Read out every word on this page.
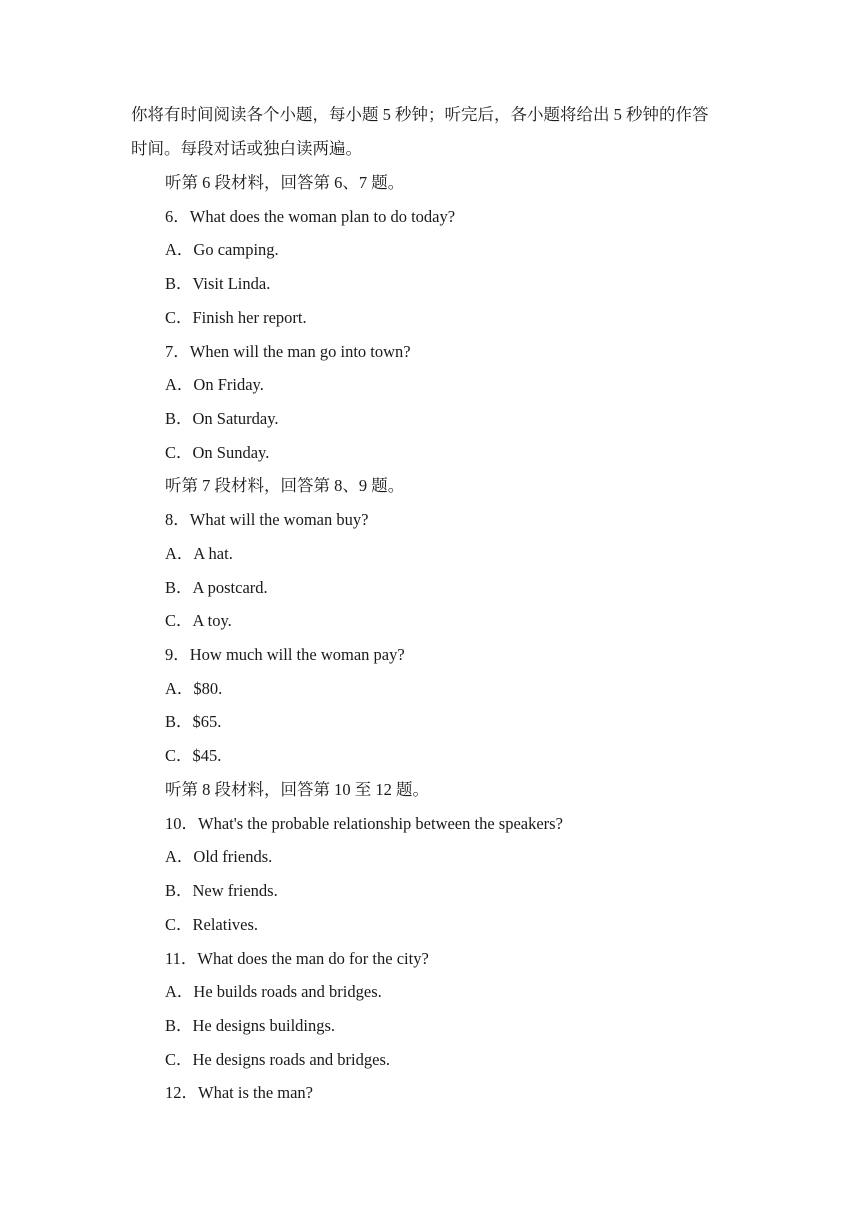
你将有时间阅读各个小题，每小题 5 秒钟；听完后，各小题将给出 5 秒钟的作答
时间。每段对话或独白读两遍。
听第 6 段材料，回答第 6、7 题。
6．What does the woman plan to do today?
A．Go camping.
B．Visit Linda.
C．Finish her report.
7．When will the man go into town?
A．On Friday.
B．On Saturday.
C．On Sunday.
听第 7 段材料，回答第 8、9 题。
8．What will the woman buy?
A．A hat.
B．A postcard.
C．A toy.
9．How much will the woman pay?
A．$80.
B．$65.
C．$45.
听第 8 段材料，回答第 10 至 12 题。
10．What's the probable relationship between the speakers?
A．Old friends.
B．New friends.
C．Relatives.
11．What does the man do for the city?
A．He builds roads and bridges.
B．He designs buildings.
C．He designs roads and bridges.
12．What is the man?
